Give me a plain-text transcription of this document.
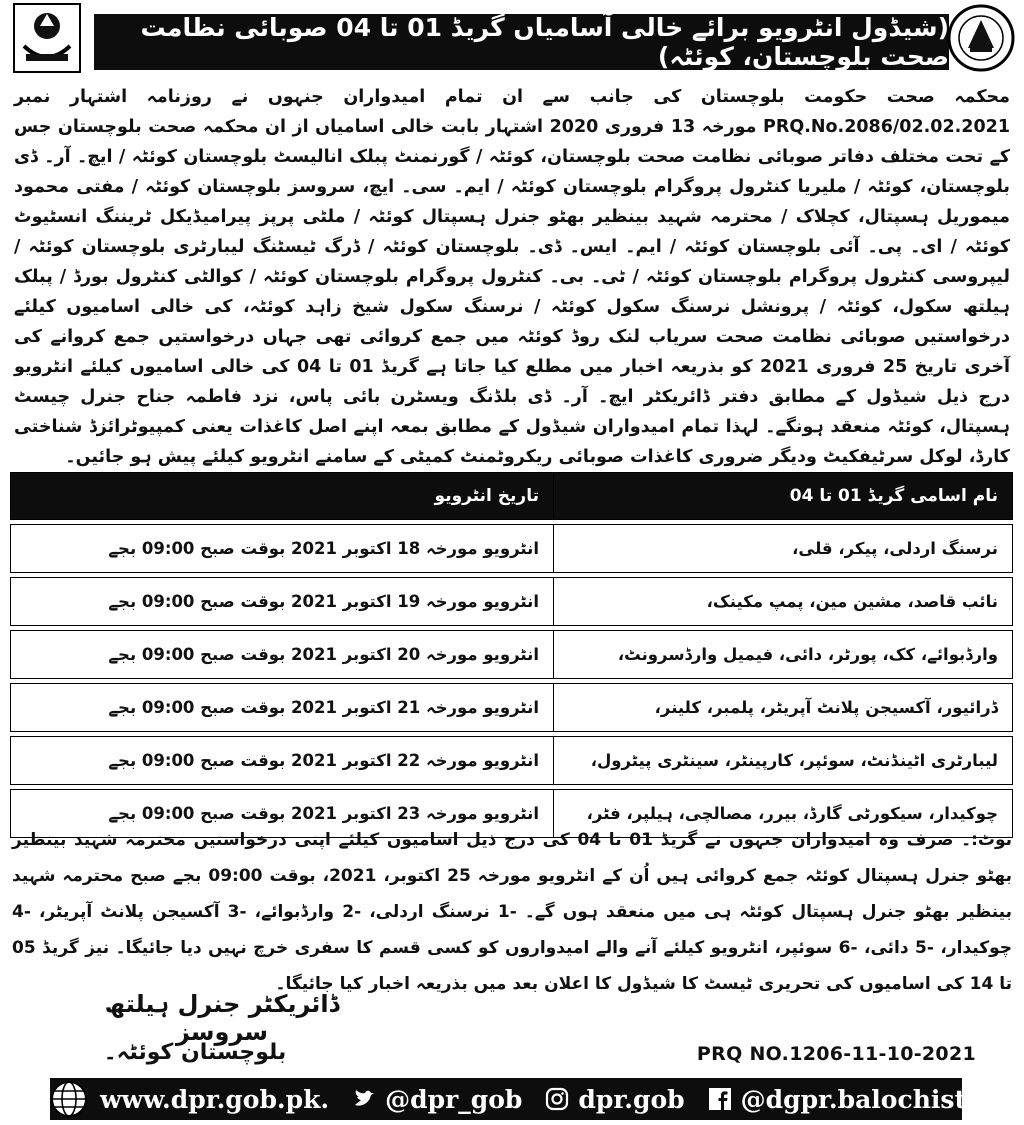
(شیڈول انٹرویو برائے خالی آسامیاں گریڈ 01 تا 04 صوبائی نظامت صحت بلوچستان، کوئٹہ)

محکمہ صحت حکومت بلوچستان کی جانب سے ان تمام امیدواران جنہوں نے روزنامہ اشتہار نمبر PRQ.No.2086/02.02.2021 مورخہ 13 فروری 2020 اشتہار بابت خالی اسامیاں از ان محکمہ صحت بلوچستان جس کے تحت مختلف دفاتر صوبائی نظامت صحت بلوچستان، کوئٹہ / گورنمنٹ پبلک انالیسٹ بلوچستان کوئٹہ / ایچ۔ آر۔ ڈی بلوچستان، کوئٹہ / ملیریا کنٹرول پروگرام بلوچستان کوئٹہ / ایم۔ سی۔ ایچ، سروسز بلوچستان کوئٹہ / مفتی محمود میموریل ہسپتال، کچلاک / محترمہ شہید بینظیر بھٹو جنرل ہسپتال کوئٹہ / ملٹی پرپز پیرامیڈیکل ٹریننگ انسٹیوٹ کوئٹہ / ای۔ پی۔ آئی بلوچستان کوئٹہ / ایم۔ ایس۔ ڈی۔ بلوچستان کوئٹہ / ڈرگ ٹیسٹنگ لیبارٹری بلوچستان کوئٹہ / لیپروسی کنٹرول پروگرام بلوچستان کوئٹہ / ٹی۔ بی۔ کنٹرول پروگرام بلوچستان کوئٹہ / کوالٹی کنٹرول بورڈ / پبلک ہیلتھ سکول، کوئٹہ / پرونشل نرسنگ سکول کوئٹہ / نرسنگ سکول شیخ زاہد کوئٹہ، کی خالی اسامیوں کیلئے درخواستیں صوبائی نظامت صحت سریاب لنک روڈ کوئٹہ میں جمع کروائی تھی جہاں درخواستیں جمع کروانے کی آخری تاریخ 25 فروری 2021 کو بذریعہ اخبار میں مطلع کیا جاتا ہے گریڈ 01 تا 04 کی خالی اسامیوں کیلئے انٹرویو درج ذیل شیڈول کے مطابق دفتر ڈائریکٹر ایچ۔ آر۔ ڈی بلڈنگ ویسٹرن بائی پاس، نزد فاطمہ جناح جنرل چیسٹ ہسپتال، کوئٹہ منعقد ہونگے۔ لہذا تمام امیدواران شیڈول کے مطابق بمعہ اپنے اصل کاغذات یعنی کمپیوٹرائزڈ شناختی کارڈ، لوکل سرٹیفکیٹ ودیگر ضروری کاغذات صوبائی ریکروٹمنٹ کمیٹی کے سامنے انٹرویو کیلئے پیش ہو جائیں۔

نام اسامی گریڈ 01 تا 04	تاریخ انٹرویو

نرسنگ اردلی، پیکر، قلی،	انٹرویو مورخہ 18 اکتوبر 2021 بوقت صبح 09:00 بجے

نائب قاصد، مشین مین، پمپ مکینک،	انٹرویو مورخہ 19 اکتوبر 2021 بوقت صبح 09:00 بجے

وارڈبوائے، کک، پورٹر، دائی، فیمیل وارڈسرونٹ،	انٹرویو مورخہ 20 اکتوبر 2021 بوقت صبح 09:00 بجے

ڈرائیور، آکسیجن پلانٹ آپریٹر، پلمبر، کلینر،	انٹرویو مورخہ 21 اکتوبر 2021 بوقت صبح 09:00 بجے

لیبارٹری اٹینڈنٹ، سوئپر، کارپینٹر، سینٹری پیٹرول،	انٹرویو مورخہ 22 اکتوبر 2021 بوقت صبح 09:00 بجے

چوکیدار، سیکورٹی گارڈ، بیرر، مصالچی، ہیلپر، فٹر،	انٹرویو مورخہ 23 اکتوبر 2021 بوقت صبح 09:00 بجے

نوٹ:۔ صرف وہ امیدواران جنہوں نے گریڈ 01 تا 04 کی درج ذیل اسامیوں کیلئے اپنی درخواستیں محترمہ شہید بینظیر بھٹو جنرل ہسپتال کوئٹہ جمع کروائی ہیں اُن کے انٹرویو مورخہ 25 اکتوبر، 2021، بوقت 09:00 بجے صبح محترمہ شہید بینظیر بھٹو جنرل ہسپتال کوئٹہ ہی میں منعقد ہوں گے۔ -1 نرسنگ اردلی، -2 وارڈبوائے، -3 آکسیجن پلانٹ آپریٹر، -4 چوکیدار، -5 دائی، -6 سوئپر، انٹرویو کیلئے آنے والے امیدواروں کو کسی قسم کا سفری خرچ نہیں دیا جائیگا۔ نیز گریڈ 05 تا 14 کی اسامیوں کی تحریری ٹیسٹ کا شیڈول کا اعلان بعد میں بذریعہ اخبار کیا جائیگا۔

ڈائریکٹر جنرل ہیلتھ سروسز
بلوچستان کوئٹہ۔	PRQ NO.1206-11-10-2021
www.dpr.gob.pk. @dpr_gob dpr.gob @dgpr.balochistan
